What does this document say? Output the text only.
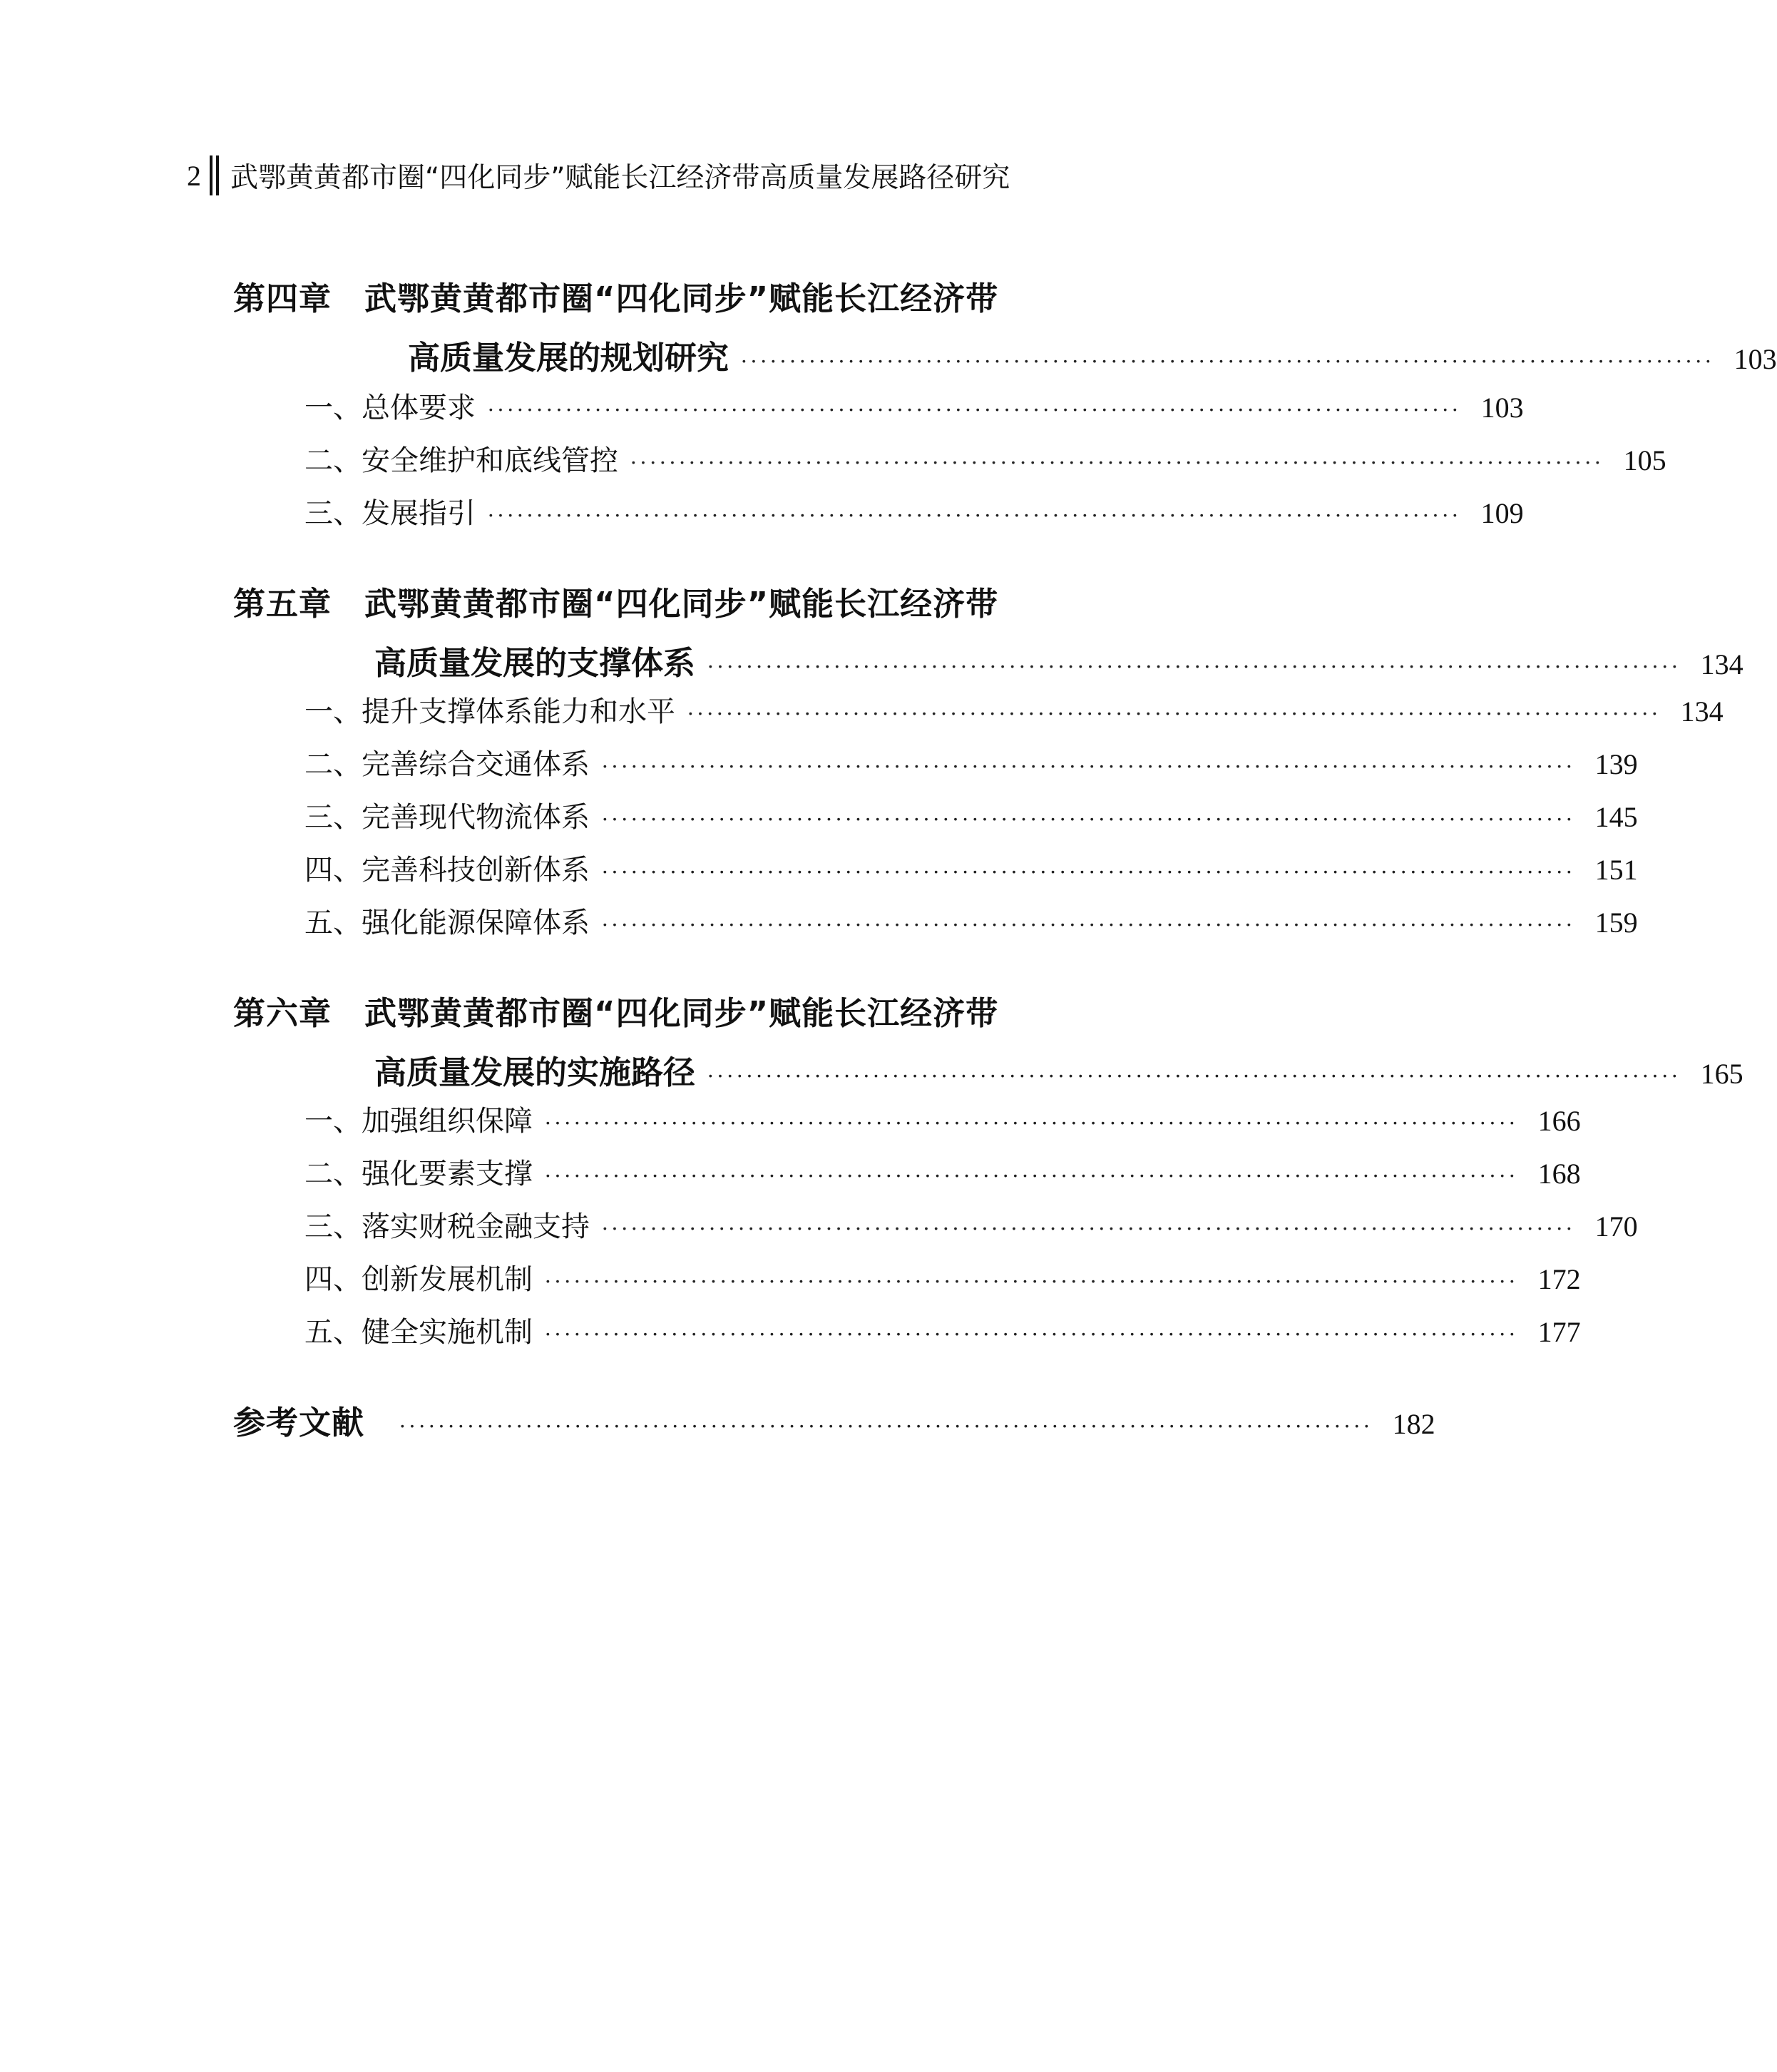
2 武鄂黄黄都市圈“四化同步”赋能长江经济带高质量发展路径研究
第四章 武鄂黄黄都市圈“四化同步”赋能长江经济带
高质量发展的规划研究 ···································································································· 103
一、总体要求 ···································································································· 103
二、安全维护和底线管控 ···································································································· 105
三、发展指引 ···································································································· 109
第五章 武鄂黄黄都市圈“四化同步”赋能长江经济带
高质量发展的支撑体系 ···································································································· 134
一、提升支撑体系能力和水平 ···································································································· 134
二、完善综合交通体系 ···································································································· 139
三、完善现代物流体系 ···································································································· 145
四、完善科技创新体系 ···································································································· 151
五、强化能源保障体系 ···································································································· 159
第六章 武鄂黄黄都市圈“四化同步”赋能长江经济带
高质量发展的实施路径 ···································································································· 165
一、加强组织保障 ···································································································· 166
二、强化要素支撑 ···································································································· 168
三、落实财税金融支持 ···································································································· 170
四、创新发展机制 ···································································································· 172
五、健全实施机制 ···································································································· 177
参考文献 ···································································································· 182
